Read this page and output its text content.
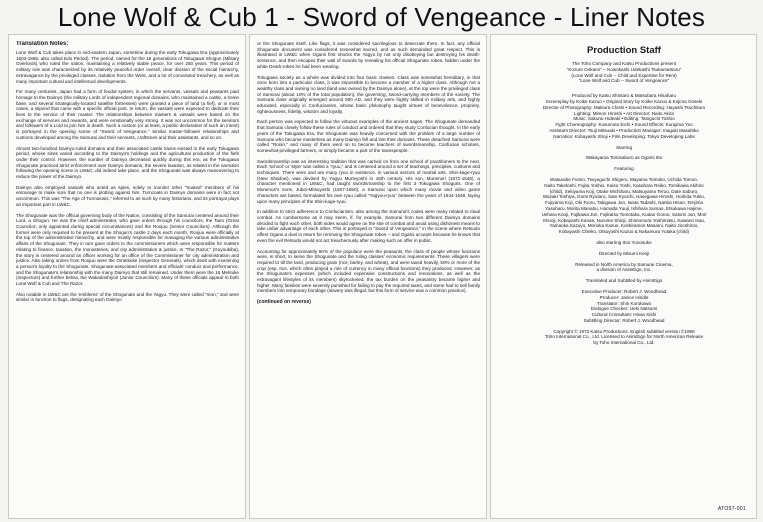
Lone Wolf & Cub 1 - Sword of Vengeance - Liner Notes
Translation Notes:

Lone Wolf & Cub takes place in mid-eastern Japan, sometime during the early Tokugawa Era (approximately 1603-1868, also called Edo Period). The period, named for the 15 generations of Tokugawa Shogun (Military Overlords) who ruled the nation, maintaining a relatively stable peace, for over 250 years. This period of military rule was characterized by its relatively peaceful order overall, clear division of the social hierarchy, extravagance by the privileged classes, isolation from the West, and a lot of convoluted treachery, as well as many important cultural and intellectual developments.

For many centuries, Japan had a form of feudal system, in which the servants, vassals and peasants paid homage to the Daimyo (the military Lords of independent regional domains, who maintained a castle, a home base, and several strategically-located satellite fortresses) were granted a piece of land (a fief), or in most cases, a stipend that came with a specific official post. In return, the vassals were expected to dedicate their lives to the service of their master. The relationships between masters & vassals were based on the exchange of services and rewards, and were emotionally very strong. It was not uncommon for the servitors and followers of a Lord to join him in death. Such a custom (or at least, a public declaration of such an intent) is portrayed in the opening scene of "Sword of Vengeance." Similar master-follower relationships and customs developed among the Samurai and their servants, craftsmen and their assistants, and so on.

Almost two-hundred Daimyo-ruled domains and their associated castle towns existed in the early Tokugawa period, whose sizes varied according to the Daimyo's holdings and the agricultural production of the fiefs under their control. However, the number of Daimyo decreased quickly during this era, as the Tokugawa Shogunate practiced strict enforcement over Daimyo domains; the severe taxation, as related in the narration following the opening scene in LW&C, did indeed take place, and the Shogunate was always maneuvering to reduce the power of the Daimyo.

Daimyo also employed vassals who acted as spies, solely to monitor other "trusted" members of his entourage to make sure that no one is plotting against him. Turncoats in Daimyo domains were in fact not uncommon. This was "The Age of Turmoiosis," referred to as such by many historians, and its portrayal plays an important part in LW&C.

The Shogunate was the official governing body of the Nation, consisting of the Samurai centered around their Lord, a Shogun. He was the chief administrator, who gave orders through his councilors, the Tairo (Great Councilor; only appointed during special circumstances) and the Roojuu (Senior Councilors). Although the former were only required to be present at the Shogun's castle 2 days each month, Roojuu were officially at the top of the administrative hierarchy, and were mostly responsible for managing the various administrative affairs of the Shogunate. They in turn gave orders to the commissioners which were responsible for matters relating to finance, taxation, the monasteries, and city administration & justice. In "The Razor," (Goyoukiba), the story is centered around an officer working for an office of the Commissioner for city administration and justice. Also taking orders from Roojuu were the Ometsuke (Inspector Generals), which dealt with examining a person's loyalty to the Shogunate, Shogunate-associated members and officials' conduct and performance, and the Shogunate's relationship with the many Daimyo that still remained. Under them were the 16 Metsuke (Inspectors) and further below, the Wakadoshiyori (Junior Councilors). Many of these officials appear in both Lone Wolf & Cub and The Razor.

Also notable in LW&C are the 'emblems' of the Shogunate and the Yagyu. They were called "mon," and were similar in function to flags, designating each Daimyo

or the Shogunate itself. Like flags, it was considered sacrilegious to desecrate them. In fact, any official Shogunate document was considered somewhat sacred, and as such demanded great respect. This is illustrated in LW&C when Ogami first shocks the Yagyu by not only disobeying but destroying his death-sentence, and then escapes their wall of swords by revealing his official Shogunate robes, hidden under the white Death-robes he had been wearing.

Tokugawa society as a whole was divided into four basic classes. Class was somewhat hereditary, in that once born into a particular class, it was impossible to become a member of a higher class. Although not a wealthy class and owning no land (land was owned by the Daimyo alone), at the top were the privileged class of Samurai (about 10% of the total population), the governing, sword-carrying members of the society. The Samurai class originally emerged around 800 AD, and they were highly skilled in military arts, and highly educated, especially in Confucianism, whose basic philosophy taught virtues of benevolence, propriety, righteousness, fidelity, wisdom and loyalty.

Each person was expected to follow the virtuous examples of the ancient sages. The Shogunate demanded that Samurai closely follow these rules of conduct and ordered that they study Confucian thought. In the early years of the Tokugawa Era, the Shogunate was heavily concerned with the problem of a large number of Samurai who became masterless as many Daimyo fell and lost their domains. These detached Samurai were called "Ronin," and many of them went on to become teachers of swordsmanship, Confucian scholars, somewhat-privileged farmers, or simply became a part of the townspeople.

Swordsmanship was an interesting tradition that was carried on from one school of practitioners to the next. Each 'school' or 'style' was called a "ryuu," and is centered around a set of teachings, principles, customs and techniques. There were and are many ryuu in existence, in various sectors of martial arts. Shin-kage-ryuu (New Shadow), was devised by Yagyu Muneyoshi in 16th century. His son, Munenori (1571-1646), a character mentioned in LW&C, had taught swordsmanship to the first 3 Tokugawa Shoguns. One of Munenori's sons, Jubei-Mitsuyoshi (1607-1650), a Samurai upon which many movie and video game characters are based, formulated his own ryuu called "Yagyuu-ryuu" between the years of 1644-1648, laying upon many principles of the Shin-kage-ryuu.

In addition to strict adherence to Confucianism, also among the Samurai's codes were many related to ritual combat. As cumbersome as it may seem, if, for example, Samurai from two different Daimyo domains decided to fight each other, both sides would agree on the site of combat and avoid using dishonest means to take unfair advantage of each other. This is portrayed in "Sword of Vengeance," in the scene where Retsudo offers Ogami a duel in return for removing the Shogunate robes -- and Ogami accepts because he knows that even the evil Retsudo would not act treacherously after making such an offer in public.

Accounting for approximately 80% of the populace were the peasants, the class of people whose functions were, in short, to serve the Shogunate and the ruling classes' economic requirements. These villagers were required to till the land, producing grain (rice, barley, and wheat), and were taxed heavily, 50% or more of the crop (esp. rice, which often played a role of currency in many official functions) they produced. However, as the Shogunate's expenses (which included expensive constructions and renovations, as well as the extravagant lifestyles of its members) skyrocketed, the tax burden on the peasantry became higher and higher. Many families were severely punished for failing to pay the required taxes, and some had to sell family members into temporary bondage (slavery was illegal, but this form of service was a common practice).

(continued on reverse)
Production Staff

The Toho Company and Katsu Productions present

"Kozure Ookami" -- Kowokashi Udekashi Tsukamatsuru"

(Lone Wolf and Cub -- Child and Expertise for Rent)

"Lone Wolf and Cub -- Sword of Vengeance"

Produced by Katsu Shintaro & Matsubara Hisaharu

Screenplay by Koike Kazuo • Original Story by Koike Kazuo & Kojima Goseki

Director of Photography: Makiura Chishi • Sound Recording: Hayashi Tsuchitaro

Lighting: Mimon Hiroshi • Art Director: Naito Akira

Music: Sakurai Hideaki • Editing: Taniguchi Toshio

Fight Choreography: Kusumoto Eichi • Sound Effects: Kurajima Yoo

Assistant Director: Tsuji Mitsuaki • Production Manager: Inagaki Masahiko

Narration: Kobayashi Shoji • Film Developing: Tokyo Developing Labs

Starring

Wakayama Tomisaburo as Ogami Itto

Featuring

Watanabe Fumio, Tsuyuguchi Shigeru, Mayama Tomoko, Uchida Tomoo,

Naito Taketoshi, Fujita Yoshio, Kaiso Yoshi, Kasahara Reiko, Tomikawa Akihiro

(child), Sekiyama Koji, Otake Michiharu, Matsuyama Teruo, Date Saburo,

Wazaki Toshiya, Gomi Ryutaro, Sato Kyoichi, Hasegawa Hiroshi, Horikita Yukio,

Fujiyama Koji, Oki Tooru, Takigawa Jun, Iwata Tadashi, Nanba Hisao, Tenjima

Yasuharu, Morita Manabu, Hamada Yuuji, Ishihara Sumao, Etsukawa Hajime,

Uehara Kooji, Fujikawa Jun, Fujikatsu Tomotaka, Kudan Goroo, Satomi Jun, Mori

Shooji, Kobayashi Kanae, Nurume Shinji, Shimomura Yoshimitsu, Kawano Isao,

Yamaoka Kazuyo, Morioka Kazuo, Koshiramori Masami, Naito Jiroshiroo,

Kobayashi Chieko, Otsuyoshi Kazuo & Nakamura Yutaka (child)

also starring Itoo Yunosuke

Directed by Misumi Kenji

Released in North America by Samurai Cinema,

a division of AnimEigo, Inc.

Translated and Subtitled by AnimEigo

Executive Producer: Robert J. Woodhead

Producer: Janice Hindle

Translator: Shin Kurokawa

Dialogue Checker: Ueki Natsumi

Cultural Consultant: Hisao Kishi

Subtitling Director: Robert J. Woodhead

Copyright © 1972 Katsu Productions. English subtitled version ©1996

Toho International Co., Ltd. Licensed to AnimEigo for North American Release

by Toho International Co., Ltd.

ATO97-001
